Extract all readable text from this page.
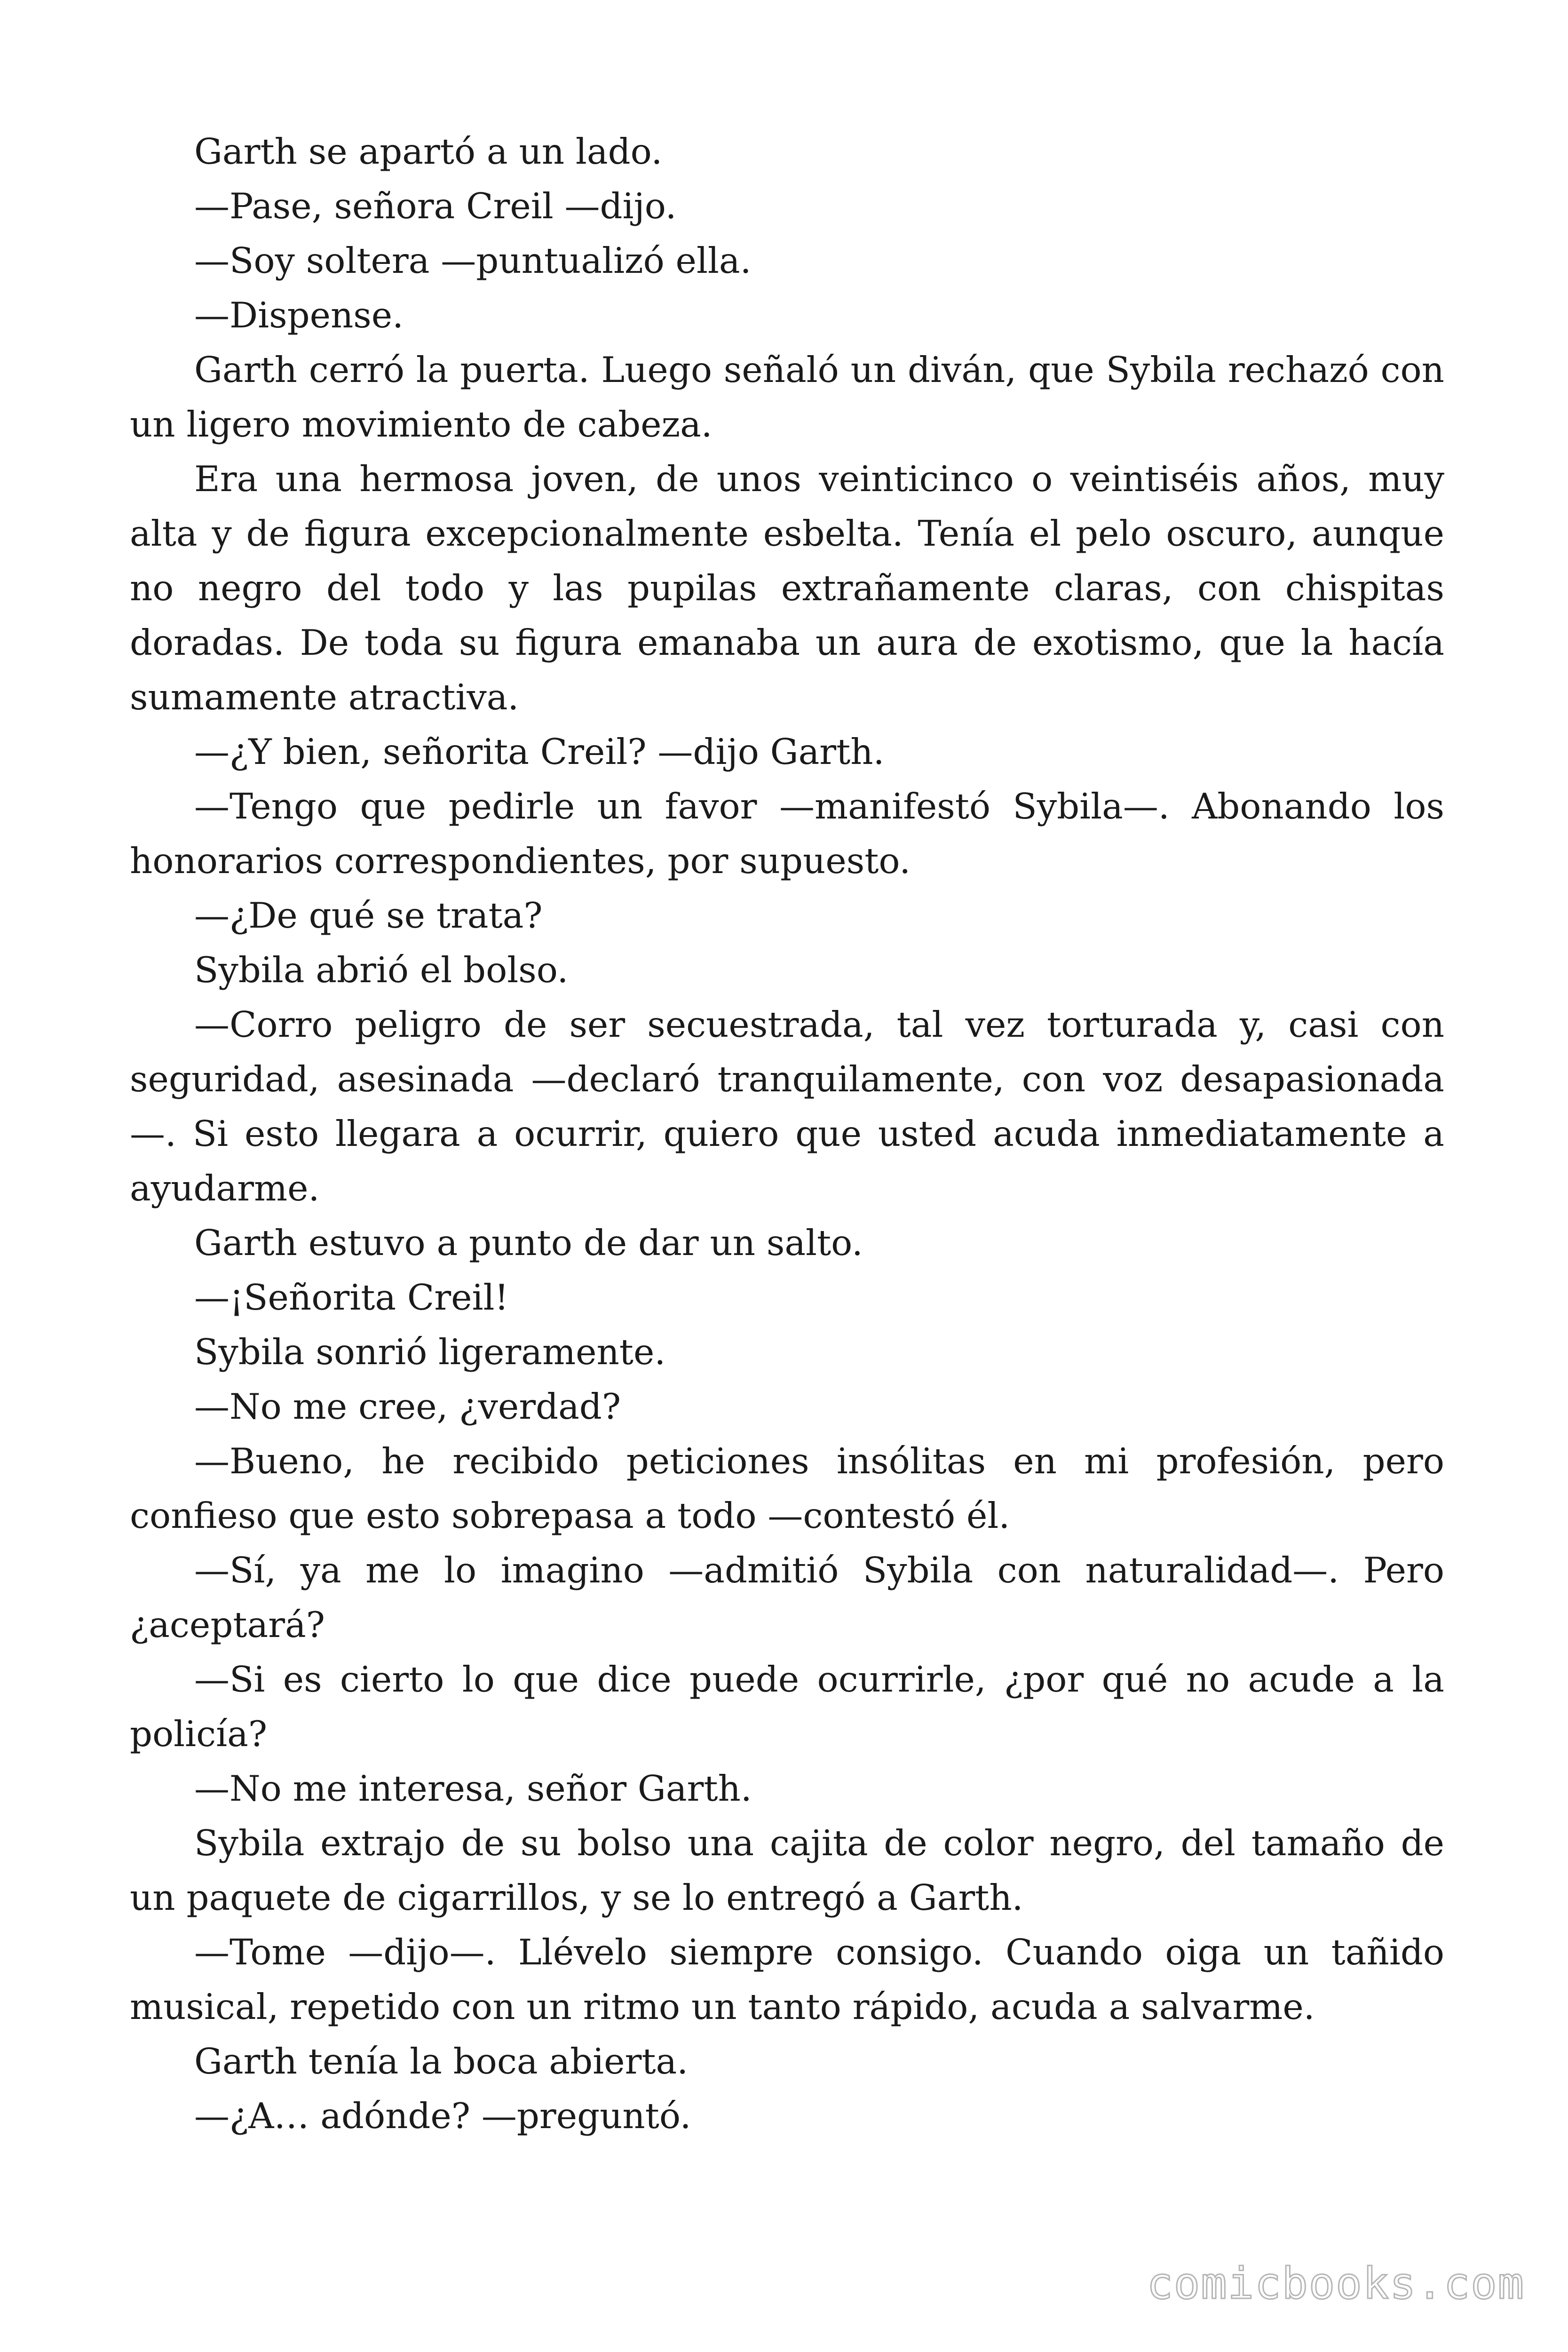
Garth se apartó a un lado.

—Pase, señora Creil —dijo.

—Soy soltera —puntualizó ella.

—Dispense.

Garth cerró la puerta. Luego señaló un diván, que Sybila rechazó con un ligero movimiento de cabeza.

Era una hermosa joven, de unos veinticinco o veintiséis años, muy alta y de figura excepcionalmente esbelta. Tenía el pelo oscuro, aunque no negro del todo y las pupilas extrañamente claras, con chispitas doradas. De toda su figura emanaba un aura de exotismo, que la hacía sumamente atractiva.

—¿Y bien, señorita Creil? —dijo Garth.

—Tengo que pedirle un favor —manifestó Sybila—. Abonando los honorarios correspondientes, por supuesto.

—¿De qué se trata?

Sybila abrió el bolso.

—Corro peligro de ser secuestrada, tal vez torturada y, casi con seguridad, asesinada —declaró tranquilamente, con voz desapasionada—. Si esto llegara a ocurrir, quiero que usted acuda inmediatamente a ayudarme.

Garth estuvo a punto de dar un salto.

—¡Señorita Creil!

Sybila sonrió ligeramente.

—No me cree, ¿verdad?

—Bueno, he recibido peticiones insólitas en mi profesión, pero confieso que esto sobrepasa a todo —contestó él.

—Sí, ya me lo imagino —admitió Sybila con naturalidad—. Pero ¿aceptará?

—Si es cierto lo que dice puede ocurrirle, ¿por qué no acude a la policía?

—No me interesa, señor Garth.

Sybila extrajo de su bolso una cajita de color negro, del tamaño de un paquete de cigarrillos, y se lo entregó a Garth.

—Tome —dijo—. Llévelo siempre consigo. Cuando oiga un tañido musical, repetido con un ritmo un tanto rápido, acuda a salvarme.

Garth tenía la boca abierta.

—¿A… adónde? —preguntó.

comicbooks.com
